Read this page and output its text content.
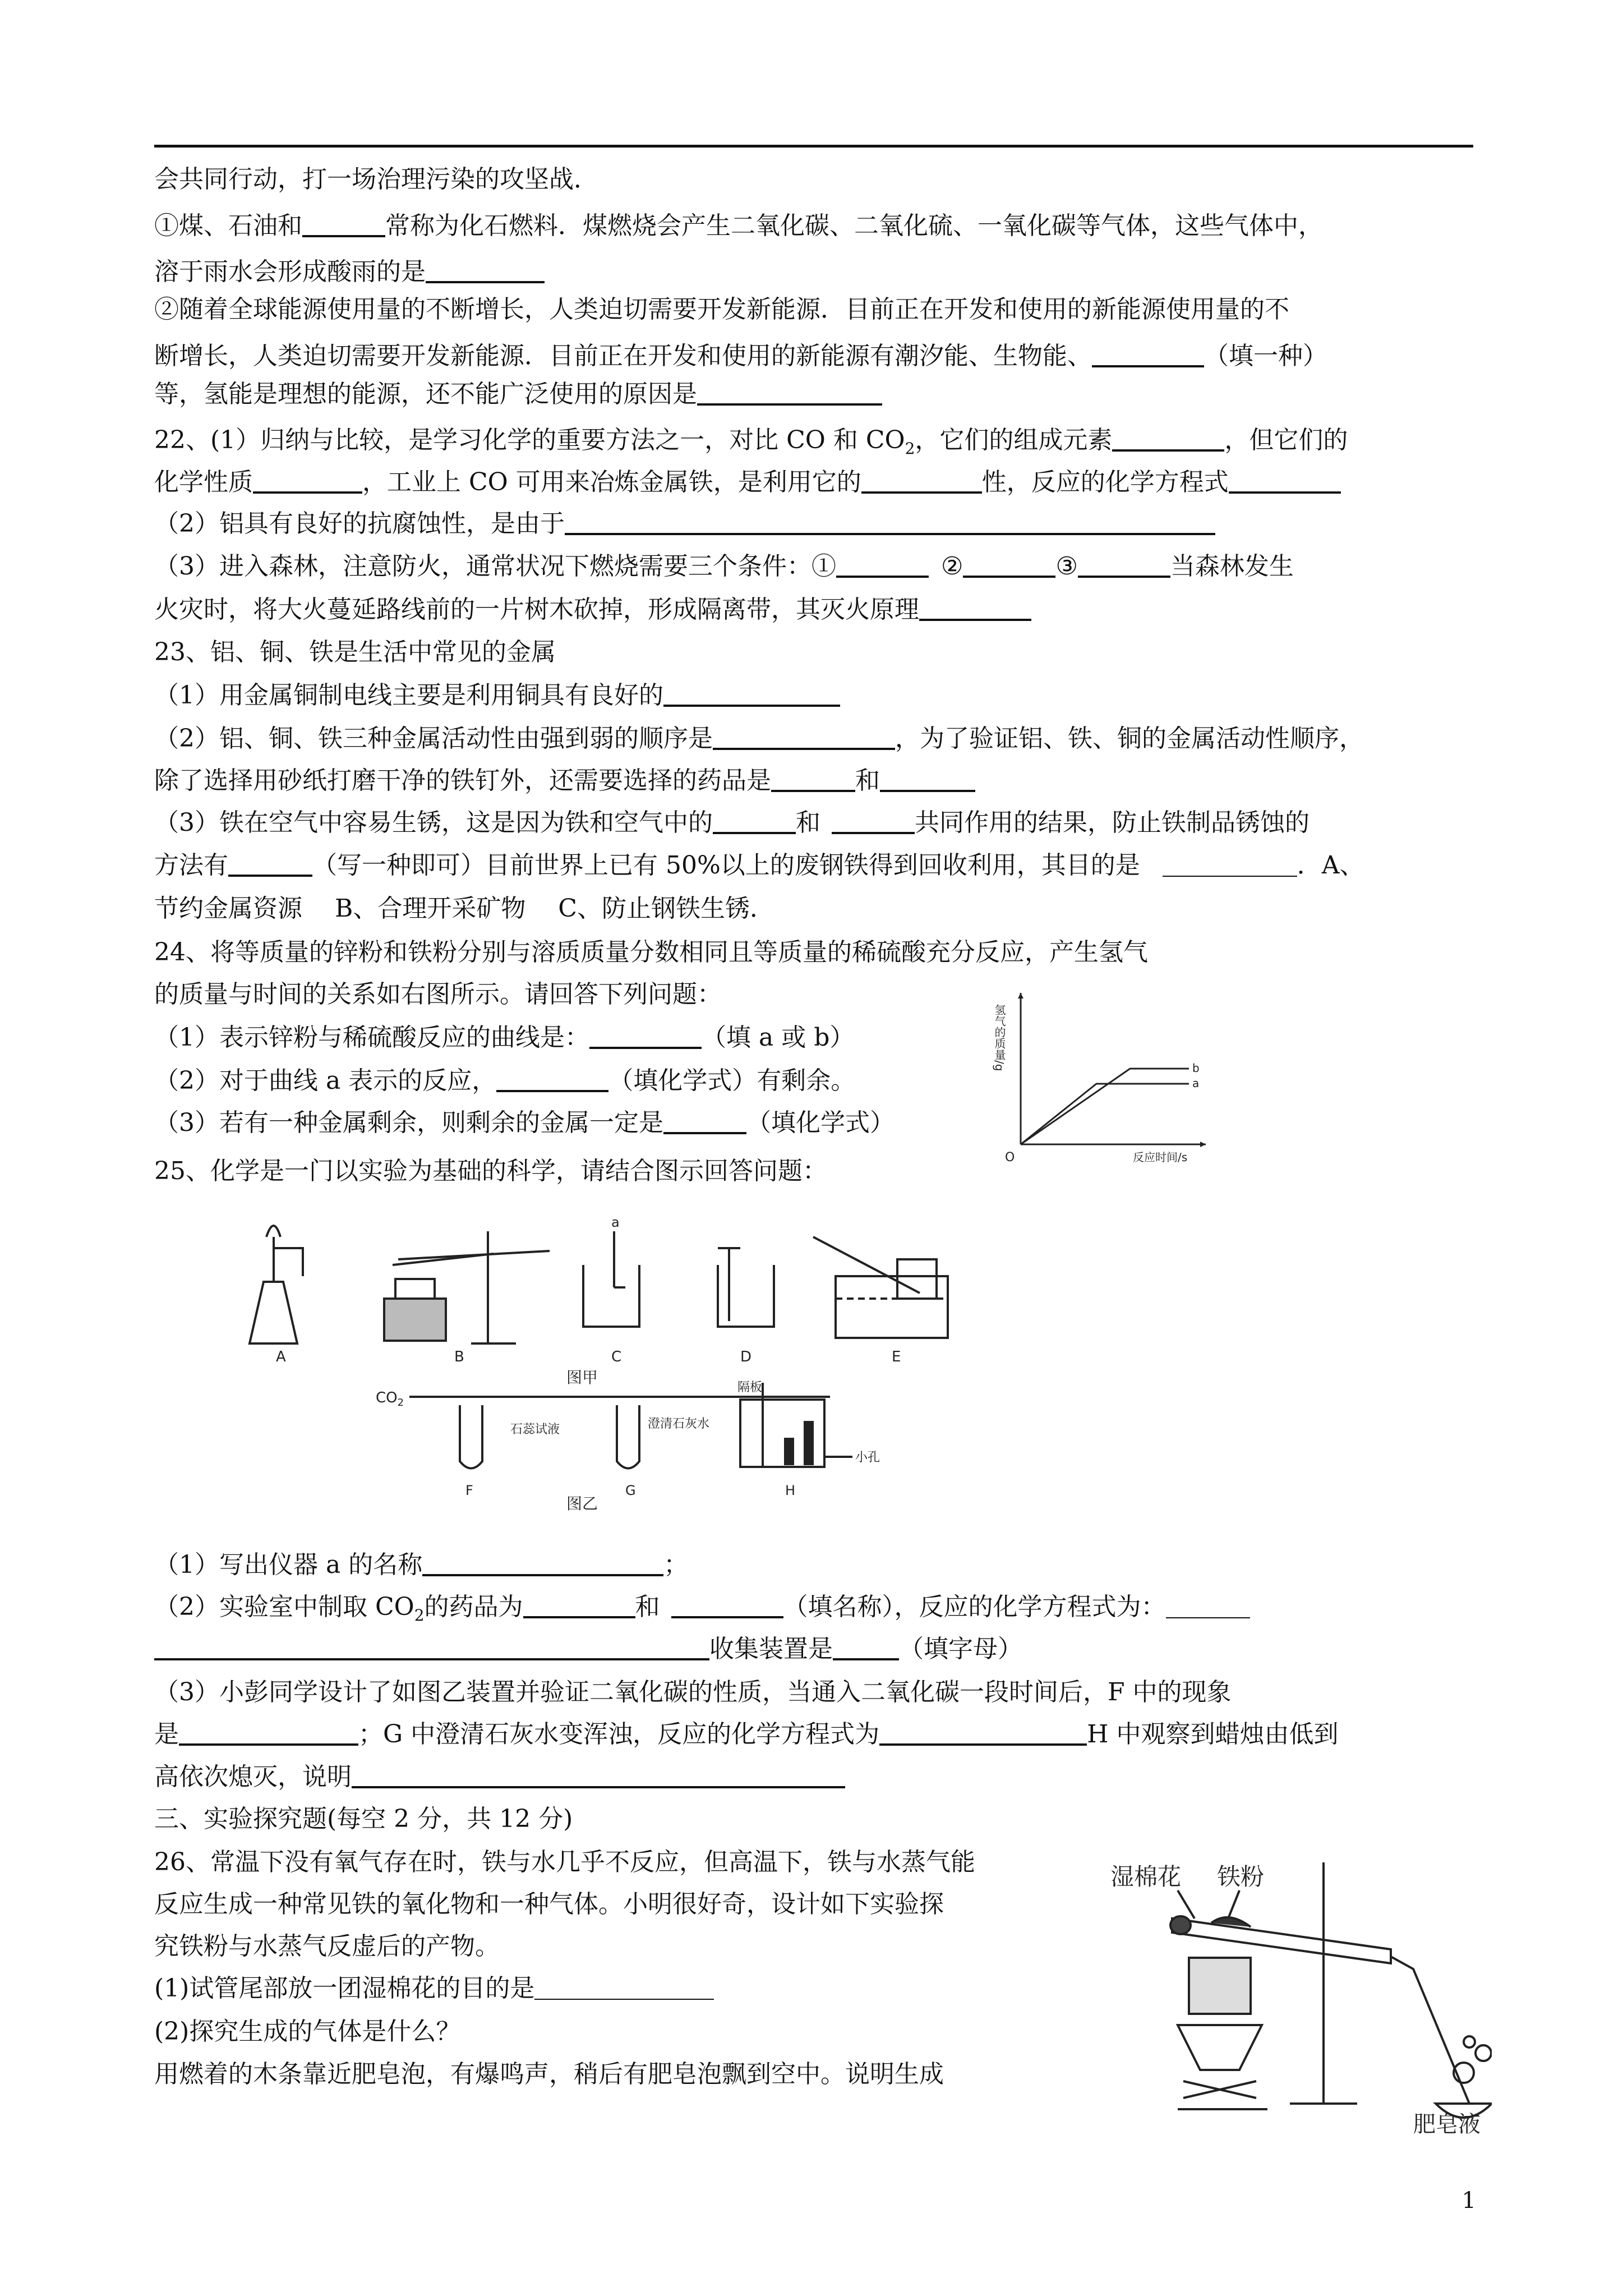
会共同行动，打一场治理污染的攻坚战．
①煤、石油和	常称为化石燃料．煤燃烧会产生二氧化碳、二氧化硫、一氧化碳等气体，这些气体中，
溶于雨水会形成酸雨的是
②随着全球能源使用量的不断增长，人类迫切需要开发新能源．目前正在开发和使用的新能源使用量的不
断增长，人类迫切需要开发新能源．目前正在开发和使用的新能源有潮汐能、生物能、	（填一种）
等，氢能是理想的能源，还不能广泛使用的原因是
22、(1）归纳与比较，是学习化学的重要方法之一，对比 CO 和 $CO_2$，它们的组成元素	，但它们的
化学性质	，工业上 CO 可用来冶炼金属铁，是利用它的	性，反应的化学方程式
（2）铝具有良好的抗腐蚀性，是由于
（3）进入森林，注意防火，通常状况下燃烧需要三个条件：①	②	③	当森林发生
火灾时，将大火蔓延路线前的一片树木砍掉，形成隔离带，其灭火原理
23、铝、铜、铁是生活中常见的金属
（1）用金属铜制电线主要是利用铜具有良好的
（2）铝、铜、铁三种金属活动性由强到弱的顺序是	，为了验证铝、铁、铜的金属活动性顺序，
除了选择用砂纸打磨干净的铁钉外，还需要选择的药品是	和
（3）铁在空气中容易生锈，这是因为铁和空气中的	和	共同作用的结果，防止铁制品锈蚀的
方法有	（写一种即可）目前世界上已有 50%以上的废钢铁得到回收利用，其目的是	．A、
节约金属资源　 B、合理开采矿物　 C、防止钢铁生锈．
24、将等质量的锌粉和铁粉分别与溶质质量分数相同且等质量的稀硫酸充分反应，产生氢气
的质量与时间的关系如右图所示。请回答下列问题：
（1）表示锌粉与稀硫酸反应的曲线是：	（填 a 或 b）
（2）对于曲线 a 表示的反应，	（填化学式）有剩余。
（3）若有一种金属剩余，则剩余的金属一定是	（填化学式）
O	反应时间/s
氢气的质量/g
a
b
25、化学是一门以实验为基础的科学，请结合图示回答问题：
A	B
a
C	D	E
图甲
$CO_2$
石蕊试液
F
澄清石灰水
G
隔板
小孔
H
图乙
（1）写出仪器 a 的名称	；
（2）实验室中制取 $CO_2$的药品为	和	（填名称），反应的化学方程式为：
收集装置是	（填字母）
（3）小彭同学设计了如图乙装置并验证二氧化碳的性质，当通入二氧化碳一段时间后，F 中的现象
是	；G 中澄清石灰水变浑浊，反应的化学方程式为	H 中观察到蜡烛由低到
高依次熄灭，说明
三、实验探究题(每空 2 分，共 12 分)
26、常温下没有氧气存在时，铁与水几乎不反应，但高温下，铁与水蒸气能
反应生成一种常见铁的氧化物和一种气体。小明很好奇，设计如下实验探
究铁粉与水蒸气反虚后的产物。
(1)试管尾部放一团湿棉花的目的是
(2)探究生成的气体是什么？
用燃着的木条靠近肥皂泡，有爆鸣声，稍后有肥皂泡飘到空中。说明生成
湿棉花 铁粉
肥皂液
1
